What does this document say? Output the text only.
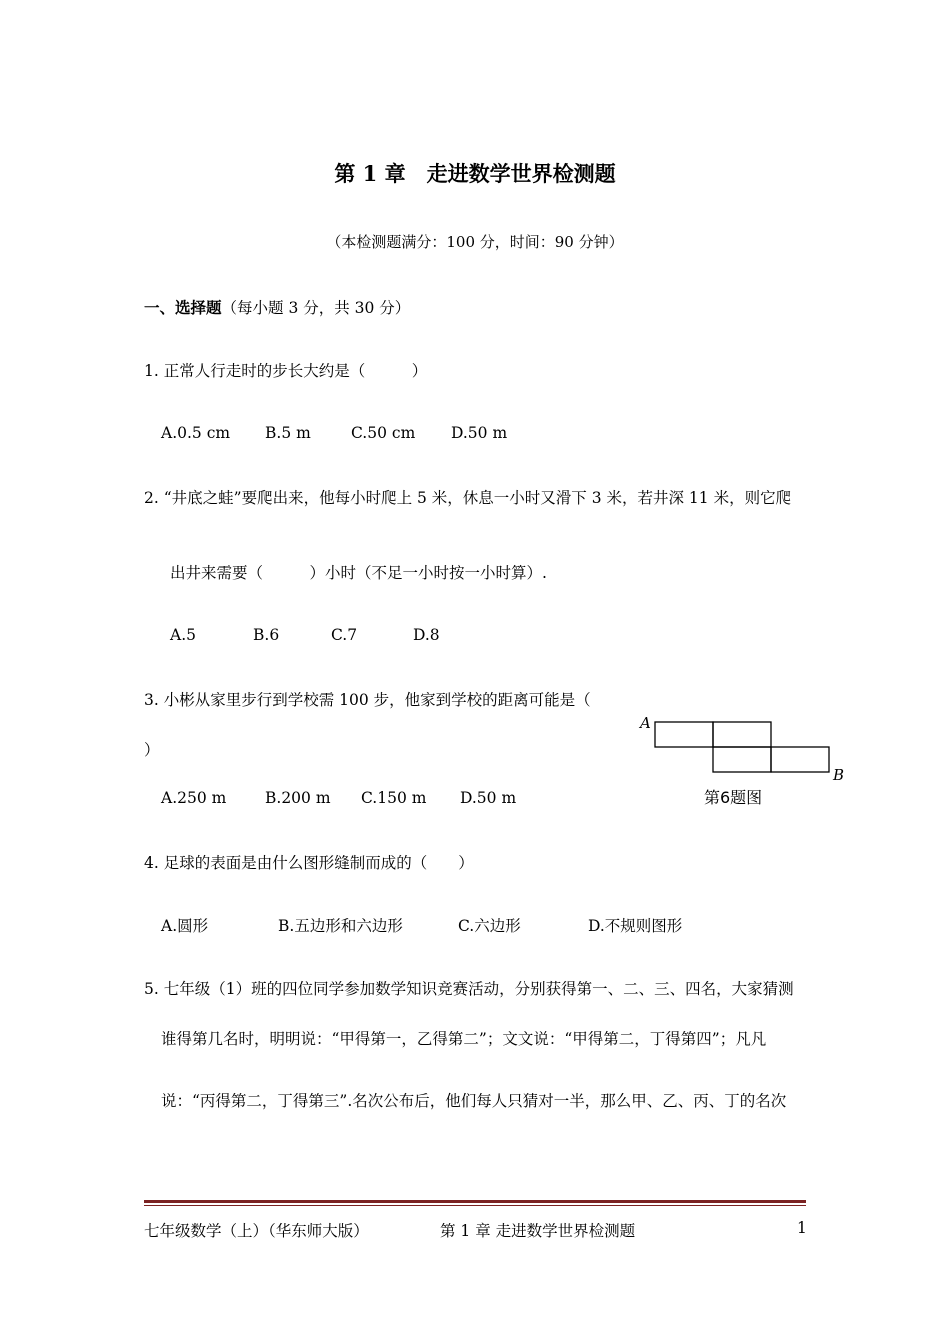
第 1 章　走进数学世界检测题
（本检测题满分：100 分，时间：90 分钟）
一、选择题（每小题 3 分，共 30 分）
1. 正常人行走时的步长大约是（　　　）
A.0.5 cm B.5 m	C.50 cm D.50 m
2. “井底之蛙”要爬出来，他每小时爬上 5 米，休息一小时又滑下 3 米，若井深 11 米，则它爬
出井来需要（　　　）小时（不足一小时按一小时算）.
A.5	B.6	C.7	D.8
3. 小彬从家里步行到学校需 100 步，他家到学校的距离可能是（
）
A.250 m B.200 m C.150 m D.50 m
A
B
第6题图
4. 足球的表面是由什么图形缝制而成的（　　）
A.圆形	B.五边形和六边形	C.六边形	D.不规则图形
5. 七年级（1）班的四位同学参加数学知识竞赛活动，分别获得第一、二、三、四名，大家猜测
谁得第几名时，明明说：“甲得第一，乙得第二”；文文说：“甲得第二，丁得第四”；凡凡
说：“丙得第二，丁得第三”.名次公布后，他们每人只猜对一半，那么甲、乙、丙、丁的名次
七年级数学（上）（华东师大版）	第 1 章 走进数学世界检测题	1
